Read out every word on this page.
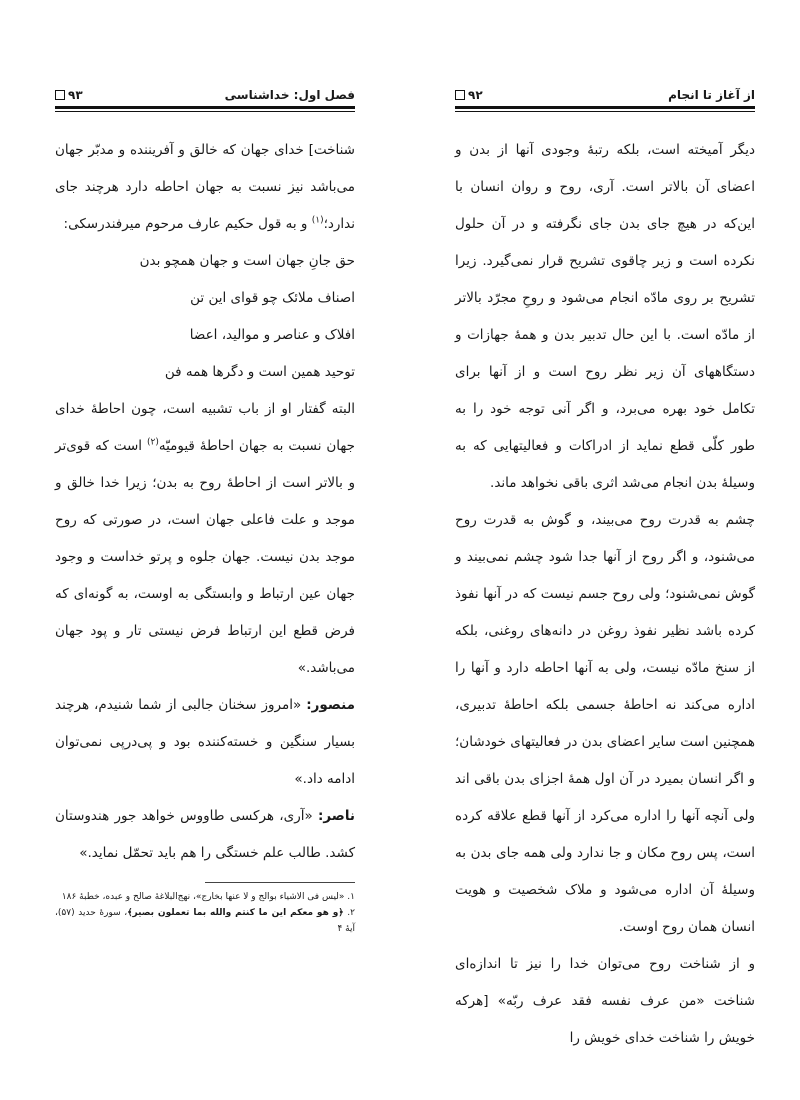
فصل اول: خداشناسی
۹۳

شناخت] خدای جهان که خالق و آفریننده و مدبّر جهان می‌باشد نیز نسبت به جهان احاطه دارد هرچند جای ندارد؛$^{(۱)}$ و به قول حکیم عارف مرحوم میرفندرسکی:

حق جانِ جهان است و جهان همچو بدن

اصناف ملائک چو قوای این تن

افلاک و عناصر و موالید، اعضا

توحید همین است و دگرها همه فن

البته گفتار او از باب تشبیه است، چون احاطهٔ خدای جهان نسبت به جهان احاطهٔ قیومیّه$^{(۲)}$ است که قوی‌تر و بالاتر است از احاطهٔ روح به بدن؛ زیرا خدا خالق و موجد و علت فاعلی جهان است، در صورتی که روح موجد بدن نیست. جهان جلوه و پرتو خداست و وجود جهان عین ارتباط و وابستگی به اوست، به گونه‌ای که فرض قطع این ارتباط فرض نیستی تار و پود جهان می‌باشد.»

منصور: «امروز سخنان جالبی از شما شنیدم، هرچند بسیار سنگین و خسته‌کننده بود و پی‌درپی نمی‌توان ادامه داد.»

ناصر: «آری، هرکسی طاووس خواهد جور هندوستان کشد. طالب علم خستگی را هم باید تحمّل نماید.»

۱. «لیس فی الاشیاء بوالج و لا عنها بخارج»، نهج‌البلاغهٔ صالح و عبده، خطبهٔ ۱۸۶

۲. ﴿و هو معکم این ما کنتم والله بما تعملون بصیر﴾، سورهٔ حدید (۵۷)، آیهٔ ۴

از آغاز تا انجام
۹۲

دیگر آمیخته است، بلکه رتبهٔ وجودی آنها از بدن و اعضای آن بالاتر است. آری، روح و روان انسان با این‌که در هیچ جای بدن جای نگرفته و در آن حلول نکرده است و زیر چاقوی تشریح قرار نمی‌گیرد. زیرا تشریح بر روی مادّه انجام می‌شود و روحِ مجرّد بالاتر از مادّه است. با این حال تدبیر بدن و همهٔ جهازات و دستگاههای آن زیر نظر روح است و از آنها برای تکامل خود بهره می‌برد، و اگر آنی توجه خود را به طور کلّی قطع نماید از ادراکات و فعالیتهایی که به وسیلهٔ بدن انجام می‌شد اثری باقی نخواهد ماند.

چشم به قدرت روح می‌بیند، و گوش به قدرت روح می‌شنود، و اگر روح از آنها جدا شود چشم نمی‌بیند و گوش نمی‌شنود؛ ولی روح جسم نیست که در آنها نفوذ کرده باشد نظیر نفوذ روغن در دانه‌های روغنی، بلکه از سنخ مادّه نیست، ولی به آنها احاطه دارد و آنها را اداره می‌کند نه احاطهٔ جسمی بلکه احاطهٔ تدبیری، همچنین است سایر اعضای بدن در فعالیتهای خودشان؛ و اگر انسان بمیرد در آن اول همهٔ اجزای بدن باقی اند ولی آنچه آنها را اداره می‌کرد از آنها قطع علاقه کرده است، پس روح مکان و جا ندارد ولی همه جای بدن به وسیلهٔ آن اداره می‌شود و ملاک شخصیت و هویت انسان همان روح اوست.

و از شناخت روح می‌توان خدا را نیز تا اندازه‌ای شناخت «من عرف نفسه فقد عرف ربّه» [هرکه خویش را شناخت خدای خویش را
